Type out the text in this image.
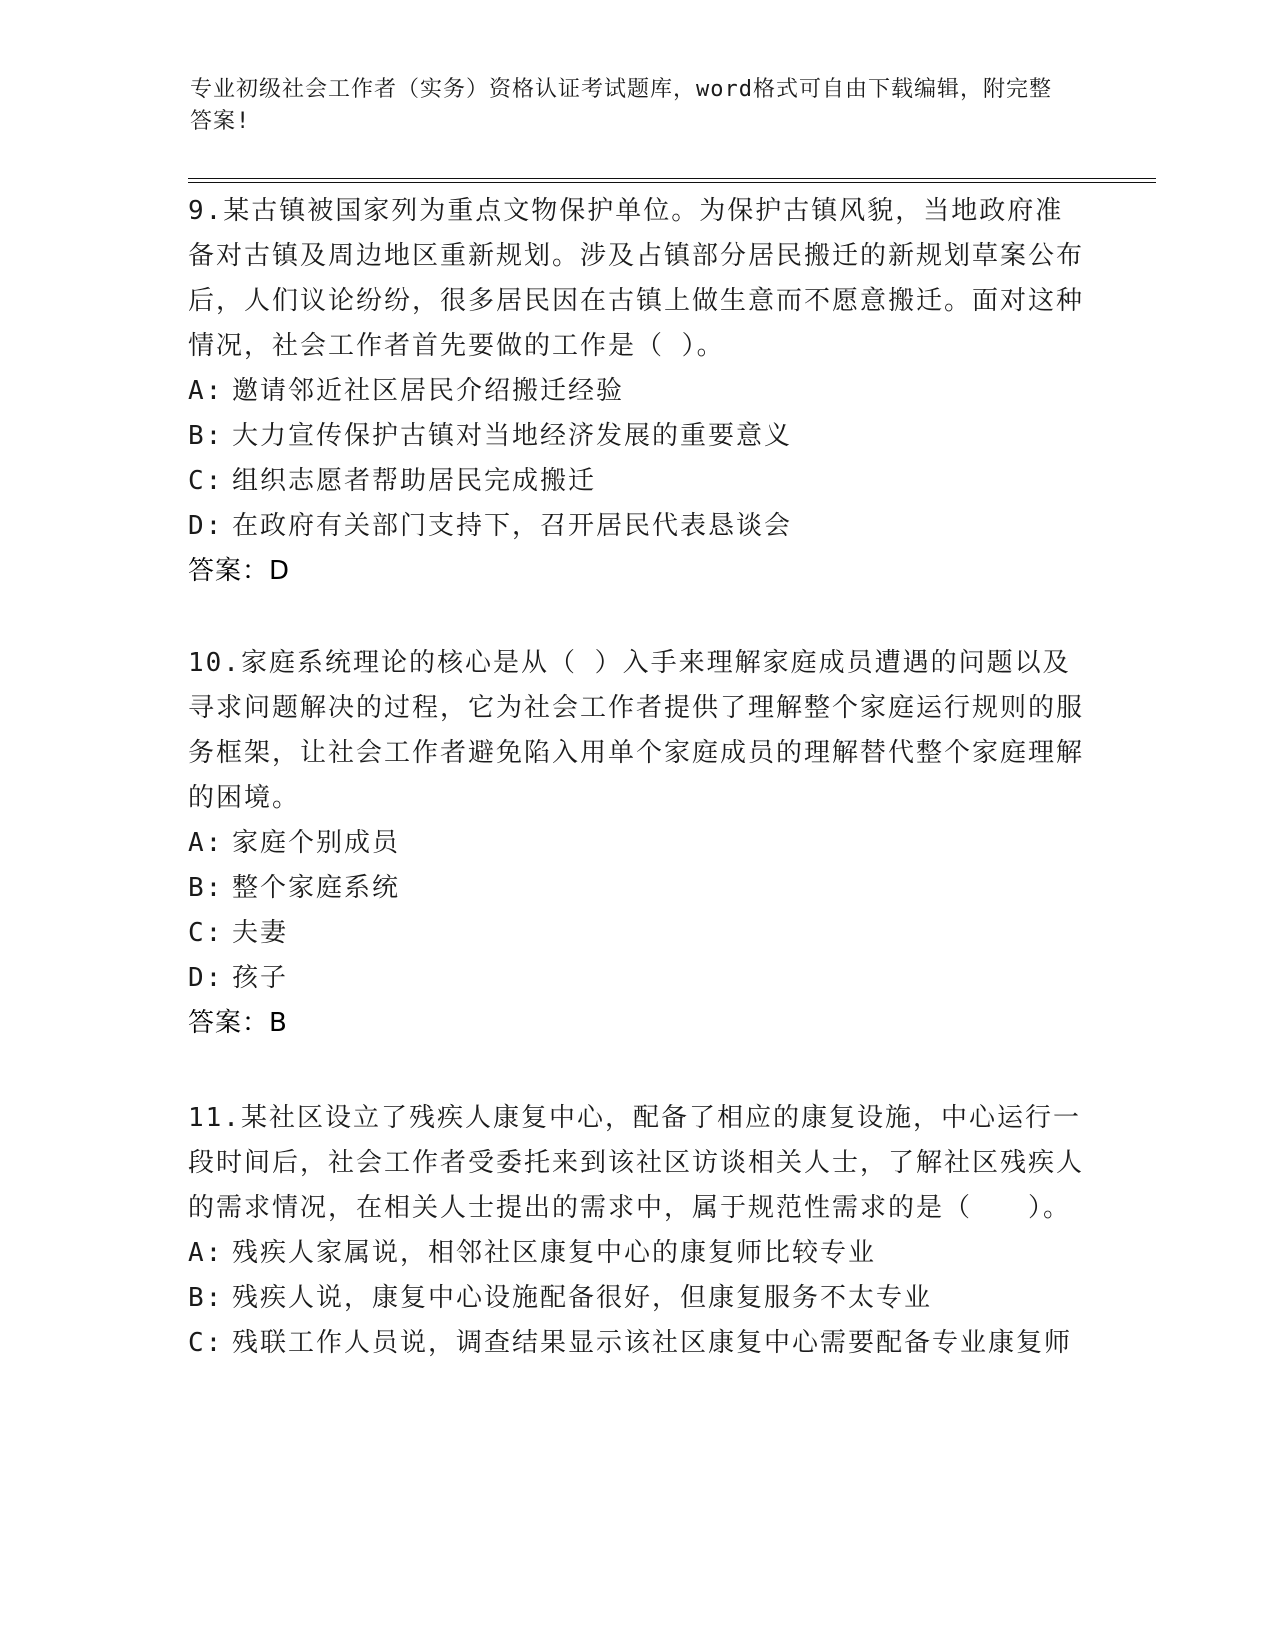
专业初级社会工作者（实务）资格认证考试题库，word格式可自由下载编辑，附完整答案!

9.某古镇被国家列为重点文物保护单位。为保护古镇风貌，当地政府准备对古镇及周边地区重新规划。涉及占镇部分居民搬迁的新规划草案公布后，人们议论纷纷，很多居民因在古镇上做生意而不愿意搬迁。面对这种情况，社会工作者首先要做的工作是（ ）。

A: 邀请邻近社区居民介绍搬迁经验
B: 大力宣传保护古镇对当地经济发展的重要意义
C: 组织志愿者帮助居民完成搬迁
D: 在政府有关部门支持下，召开居民代表恳谈会

答案：D

10.家庭系统理论的核心是从（ ）入手来理解家庭成员遭遇的问题以及寻求问题解决的过程，它为社会工作者提供了理解整个家庭运行规则的服务框架，让社会工作者避免陷入用单个家庭成员的理解替代整个家庭理解的困境。

A: 家庭个别成员
B: 整个家庭系统
C: 夫妻
D: 孩子

答案：B

11.某社区设立了残疾人康复中心，配备了相应的康复设施，中心运行一段时间后，社会工作者受委托来到该社区访谈相关人士，了解社区残疾人的需求情况，在相关人士提出的需求中，属于规范性需求的是（　　）。

A: 残疾人家属说，相邻社区康复中心的康复师比较专业
B: 残疾人说，康复中心设施配备很好，但康复服务不太专业
C: 残联工作人员说，调查结果显示该社区康复中心需要配备专业康复师
